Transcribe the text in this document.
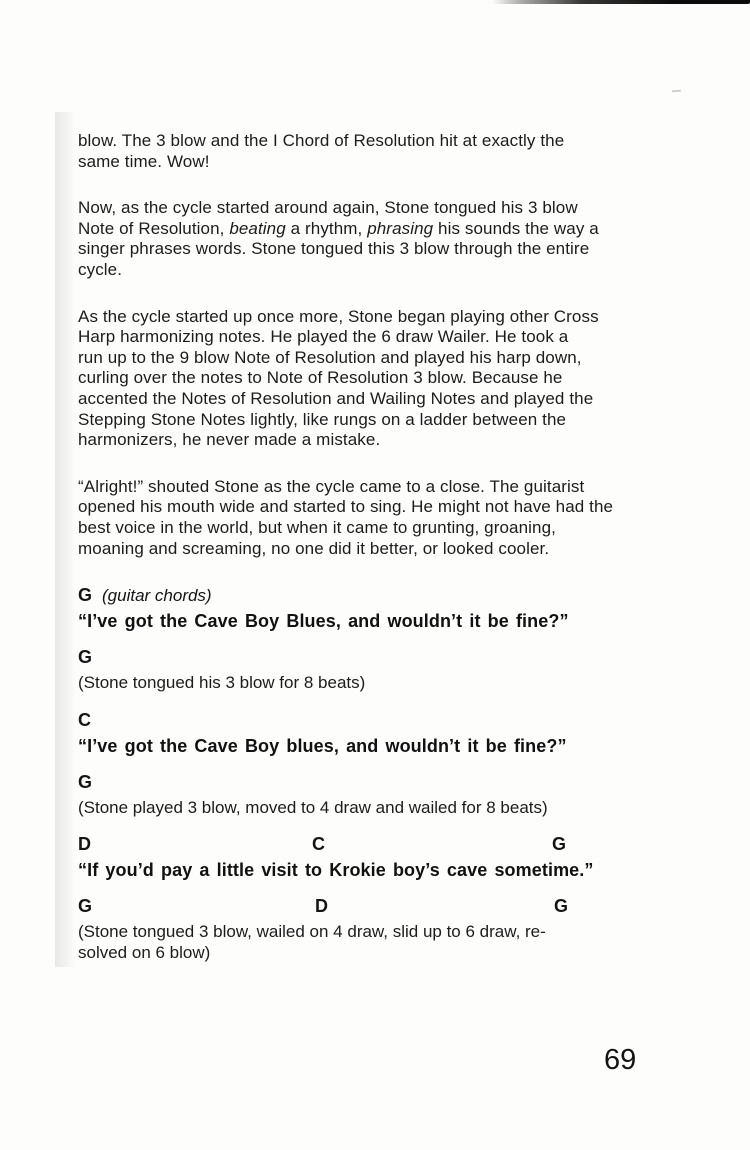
blow. The 3 blow and the I Chord of Resolution hit at exactly the
same time. Wow!
Now, as the cycle started around again, Stone tongued his 3 blow
Note of Resolution, beating a rhythm, phrasing his sounds the way a
singer phrases words. Stone tongued this 3 blow through the entire
cycle.
As the cycle started up once more, Stone began playing other Cross
Harp harmonizing notes. He played the 6 draw Wailer. He took a
run up to the 9 blow Note of Resolution and played his harp down,
curling over the notes to Note of Resolution 3 blow. Because he
accented the Notes of Resolution and Wailing Notes and played the
Stepping Stone Notes lightly, like rungs on a ladder between the
harmonizers, he never made a mistake.
“Alright!” shouted Stone as the cycle came to a close. The guitarist
opened his mouth wide and started to sing. He might not have had the
best voice in the world, but when it came to grunting, groaning,
moaning and screaming, no one did it better, or looked cooler.
G (guitar chords)
“I’ve got the Cave Boy Blues, and wouldn’t it be fine?”
G
(Stone tongued his 3 blow for 8 beats)
C
“I’ve got the Cave Boy blues, and wouldn’t it be fine?”
G
(Stone played 3 blow, moved to 4 draw and wailed for 8 beats)
D	C	G
“If you’d pay a little visit to Krokie boy’s cave sometime.”
G	D	G
(Stone tongued 3 blow, wailed on 4 draw, slid up to 6 draw, re-
solved on 6 blow)
69
